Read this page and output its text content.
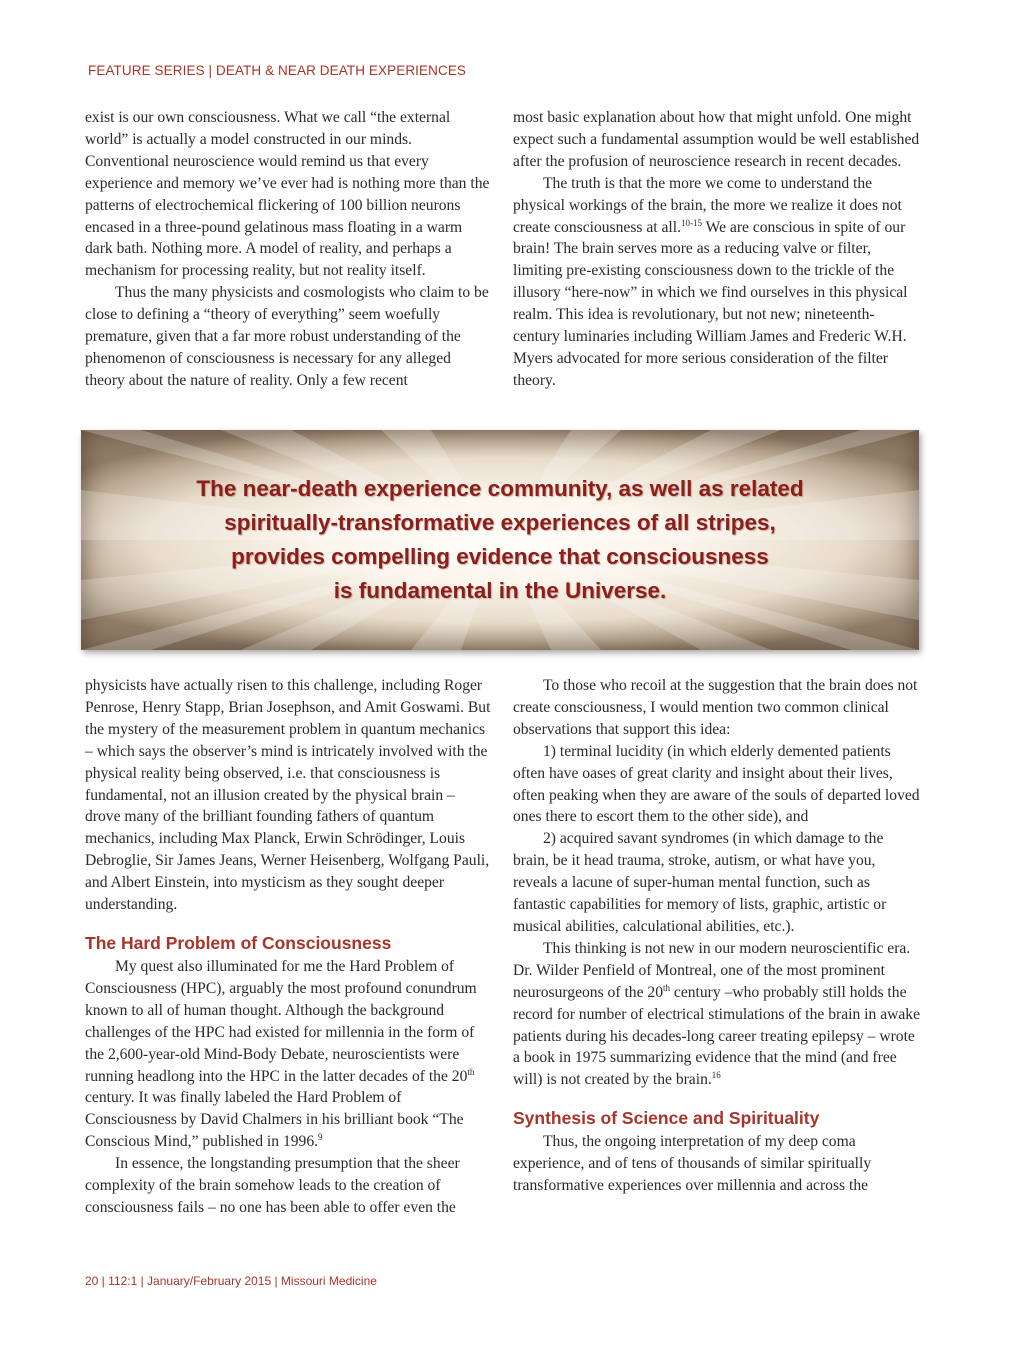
FEATURE SERIES | DEATH & NEAR DEATH EXPERIENCES

exist is our own consciousness. What we call “the external world” is actually a model constructed in our minds. Conventional neuroscience would remind us that every experience and memory we’ve ever had is nothing more than the patterns of electrochemical flickering of 100 billion neurons encased in a three-pound gelatinous mass floating in a warm dark bath. Nothing more. A model of reality, and perhaps a mechanism for processing reality, but not reality itself.

Thus the many physicists and cosmologists who claim to be close to defining a “theory of everything” seem woefully premature, given that a far more robust understanding of the phenomenon of consciousness is necessary for any alleged theory about the nature of reality. Only a few recent

most basic explanation about how that might unfold. One might expect such a fundamental assumption would be well established after the profusion of neuroscience research in recent decades.

The truth is that the more we come to understand the physical workings of the brain, the more we realize it does not create consciousness at all.$^{10-15}$ We are conscious in spite of our brain! The brain serves more as a reducing valve or filter, limiting pre-existing consciousness down to the trickle of the illusory “here-now” in which we find ourselves in this physical realm. This idea is revolutionary, but not new; nineteenth-century luminaries including William James and Frederic W.H. Myers advocated for more serious consideration of the filter theory.

The near-death experience community, as well as related
spiritually-transformative experiences of all stripes,
provides compelling evidence that consciousness
is fundamental in the Universe.

physicists have actually risen to this challenge, including Roger Penrose, Henry Stapp, Brian Josephson, and Amit Goswami. But the mystery of the measurement problem in quantum mechanics – which says the observer’s mind is intricately involved with the physical reality being observed, i.e. that consciousness is fundamental, not an illusion created by the physical brain – drove many of the brilliant founding fathers of quantum mechanics, including Max Planck, Erwin Schrödinger, Louis Debroglie, Sir James Jeans, Werner Heisenberg, Wolfgang Pauli, and Albert Einstein, into mysticism as they sought deeper understanding.

The Hard Problem of Consciousness

My quest also illuminated for me the Hard Problem of Consciousness (HPC), arguably the most profound conundrum known to all of human thought. Although the background challenges of the HPC had existed for millennia in the form of the 2,600-year-old Mind-Body Debate, neuroscientists were running headlong into the HPC in the latter decades of the 20th century. It was finally labeled the Hard Problem of Consciousness by David Chalmers in his brilliant book “The Conscious Mind,” published in 1996.$^9$

In essence, the longstanding presumption that the sheer complexity of the brain somehow leads to the creation of consciousness fails – no one has been able to offer even the

To those who recoil at the suggestion that the brain does not create consciousness, I would mention two common clinical observations that support this idea:

1) terminal lucidity (in which elderly demented patients often have oases of great clarity and insight about their lives, often peaking when they are aware of the souls of departed loved ones there to escort them to the other side), and

2) acquired savant syndromes (in which damage to the brain, be it head trauma, stroke, autism, or what have you, reveals a lacune of super-human mental function, such as fantastic capabilities for memory of lists, graphic, artistic or musical abilities, calculational abilities, etc.).

This thinking is not new in our modern neuroscientific era. Dr. Wilder Penfield of Montreal, one of the most prominent neurosurgeons of the 20th century –who probably still holds the record for number of electrical stimulations of the brain in awake patients during his decades-long career treating epilepsy – wrote a book in 1975 summarizing evidence that the mind (and free will) is not created by the brain.$^{16}$

Synthesis of Science and Spirituality

Thus, the ongoing interpretation of my deep coma experience, and of tens of thousands of similar spiritually transformative experiences over millennia and across the

20 | 112:1 | January/February 2015 | Missouri Medicine
